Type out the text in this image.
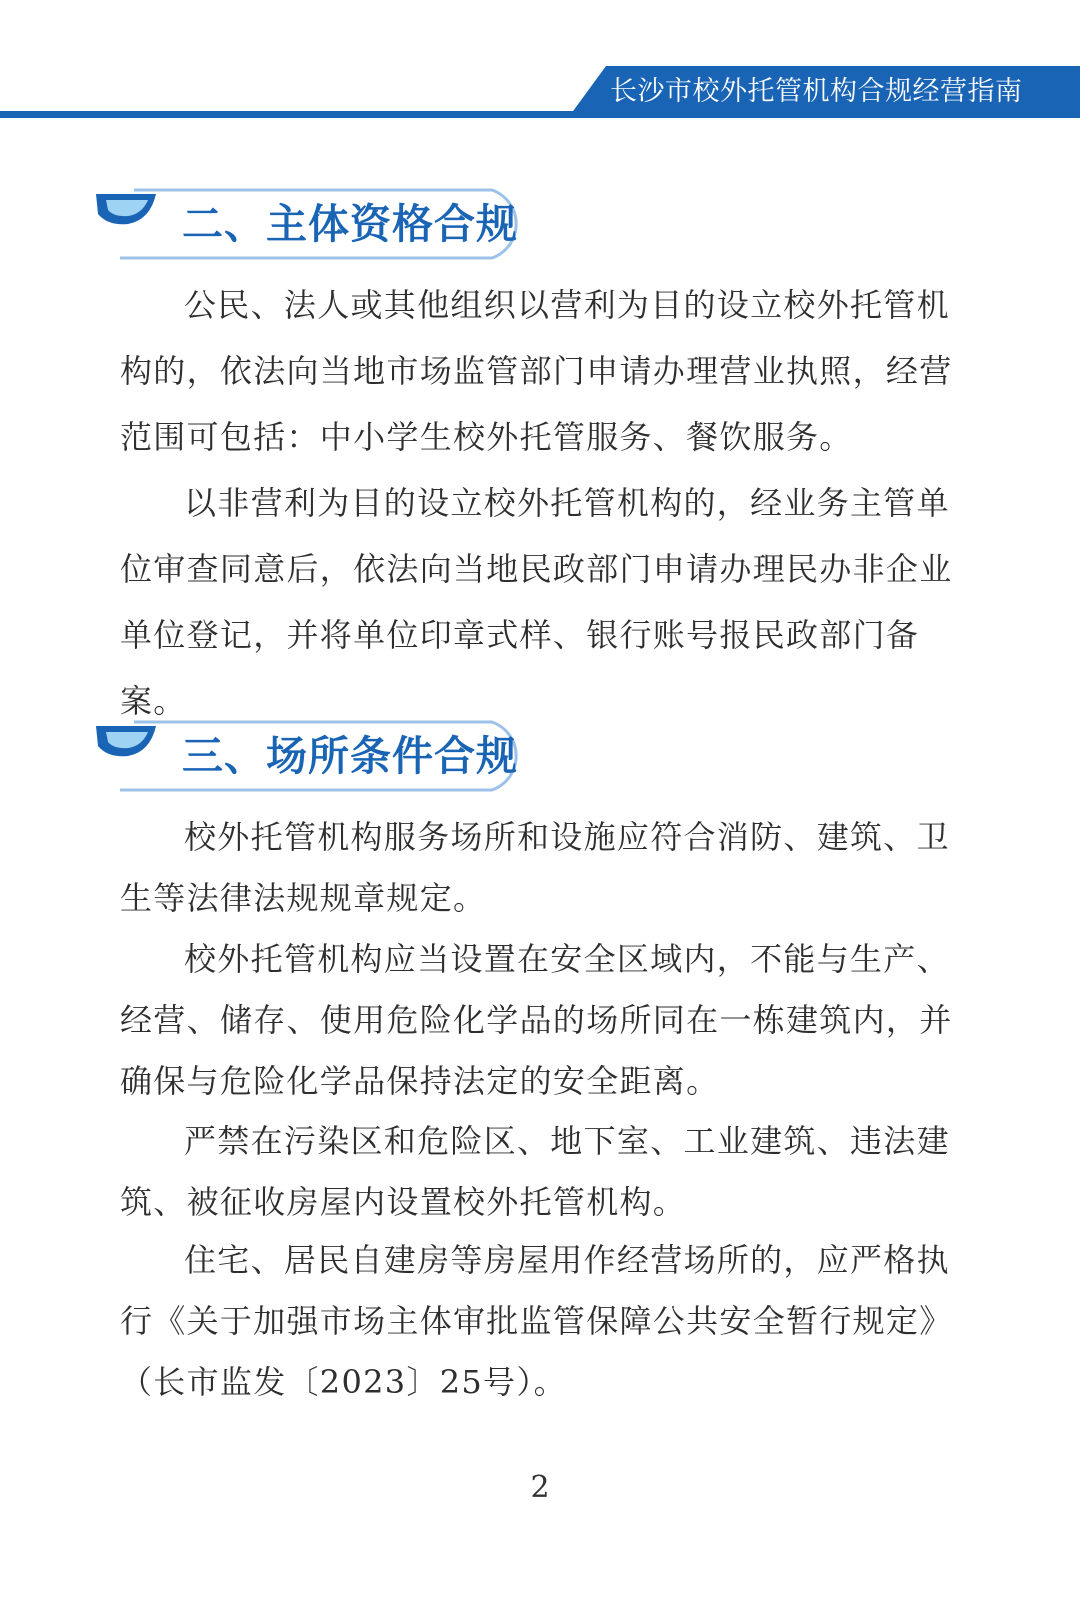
长沙市校外托管机构合规经营指南
二、主体资格合规

公民、法人或其他组织以营利为目的设立校外托管机构的，依法向当地市场监管部门申请办理营业执照，经营范围可包括：中小学生校外托管服务、餐饮服务。

以非营利为目的设立校外托管机构的，经业务主管单位审查同意后，依法向当地民政部门申请办理民办非企业单位登记，并将单位印章式样、银行账号报民政部门备案。

三、场所条件合规

校外托管机构服务场所和设施应符合消防、建筑、卫生等法律法规规章规定。

校外托管机构应当设置在安全区域内，不能与生产、经营、储存、使用危险化学品的场所同在一栋建筑内，并确保与危险化学品保持法定的安全距离。

严禁在污染区和危险区、地下室、工业建筑、违法建筑、被征收房屋内设置校外托管机构。

住宅、居民自建房等房屋用作经营场所的，应严格执行《关于加强市场主体审批监管保障公共安全暂行规定》（长市监发〔2023〕25号）。

2
